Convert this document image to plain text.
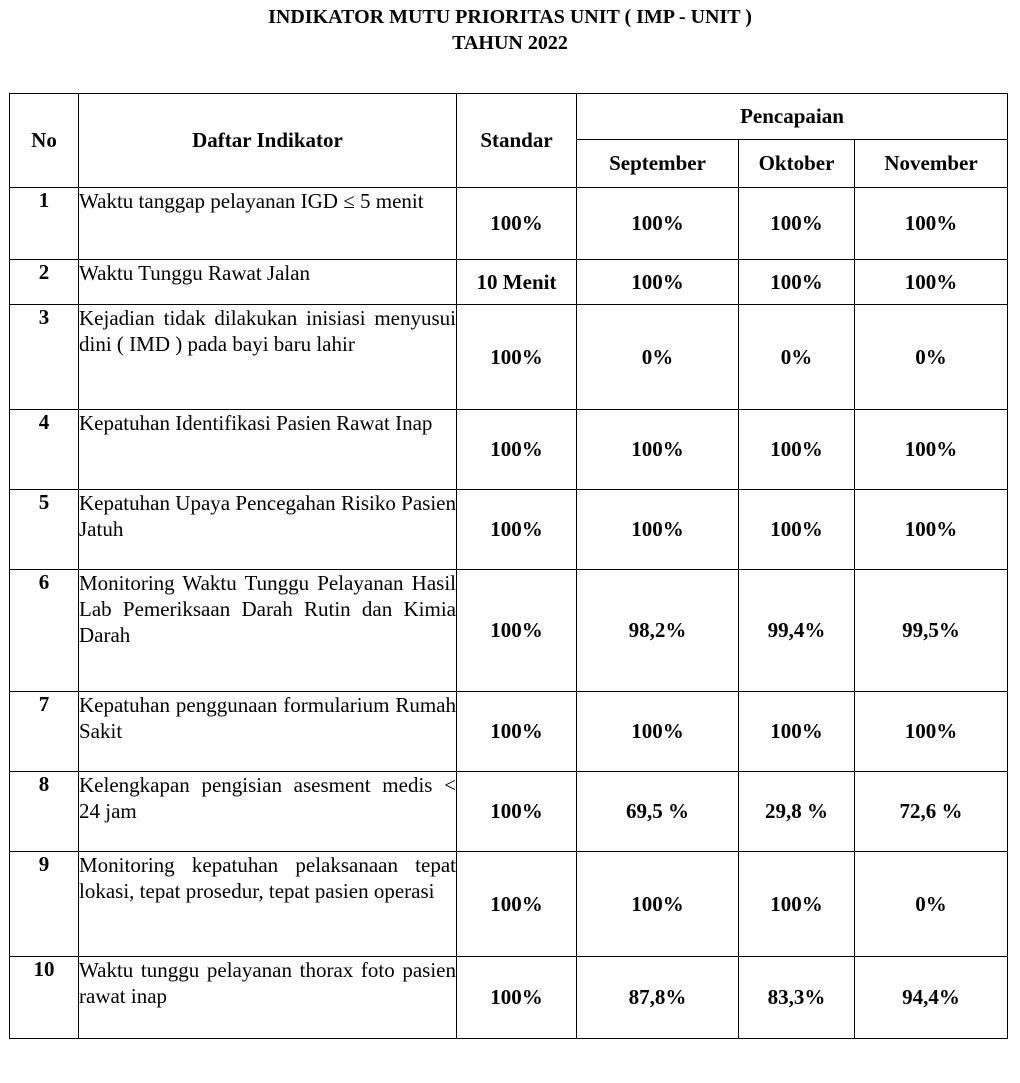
INDIKATOR MUTU PRIORITAS UNIT ( IMP - UNIT )
TAHUN 2022
No	Daftar Indikator	Standar	Pencapaian		
			September	Oktober	November
1	Waktu tanggap pelayanan IGD ≤ 5 menit	100%	100%	100%	100%
2	Waktu Tunggu Rawat Jalan	10 Menit	100%	100%	100%
3	Kejadian tidak dilakukan inisiasi menyusui dini ( IMD ) pada bayi baru lahir	100%	0%	0%	0%
4	Kepatuhan Identifikasi Pasien Rawat Inap	100%	100%	100%	100%
5	Kepatuhan Upaya Pencegahan Risiko Pasien Jatuh	100%	100%	100%	100%
6	Monitoring Waktu Tunggu Pelayanan Hasil Lab Pemeriksaan Darah Rutin dan Kimia Darah	100%	98,2%	99,4%	99,5%
7	Kepatuhan penggunaan formularium Rumah Sakit	100%	100%	100%	100%
8	Kelengkapan pengisian asesment medis < 24 jam	100%	69,5 %	29,8 %	72,6 %
9	Monitoring kepatuhan pelaksanaan tepat lokasi, tepat prosedur, tepat pasien operasi	100%	100%	100%	0%
10	Waktu tunggu pelayanan thorax foto pasien rawat inap	100%	87,8%	83,3%	94,4%
